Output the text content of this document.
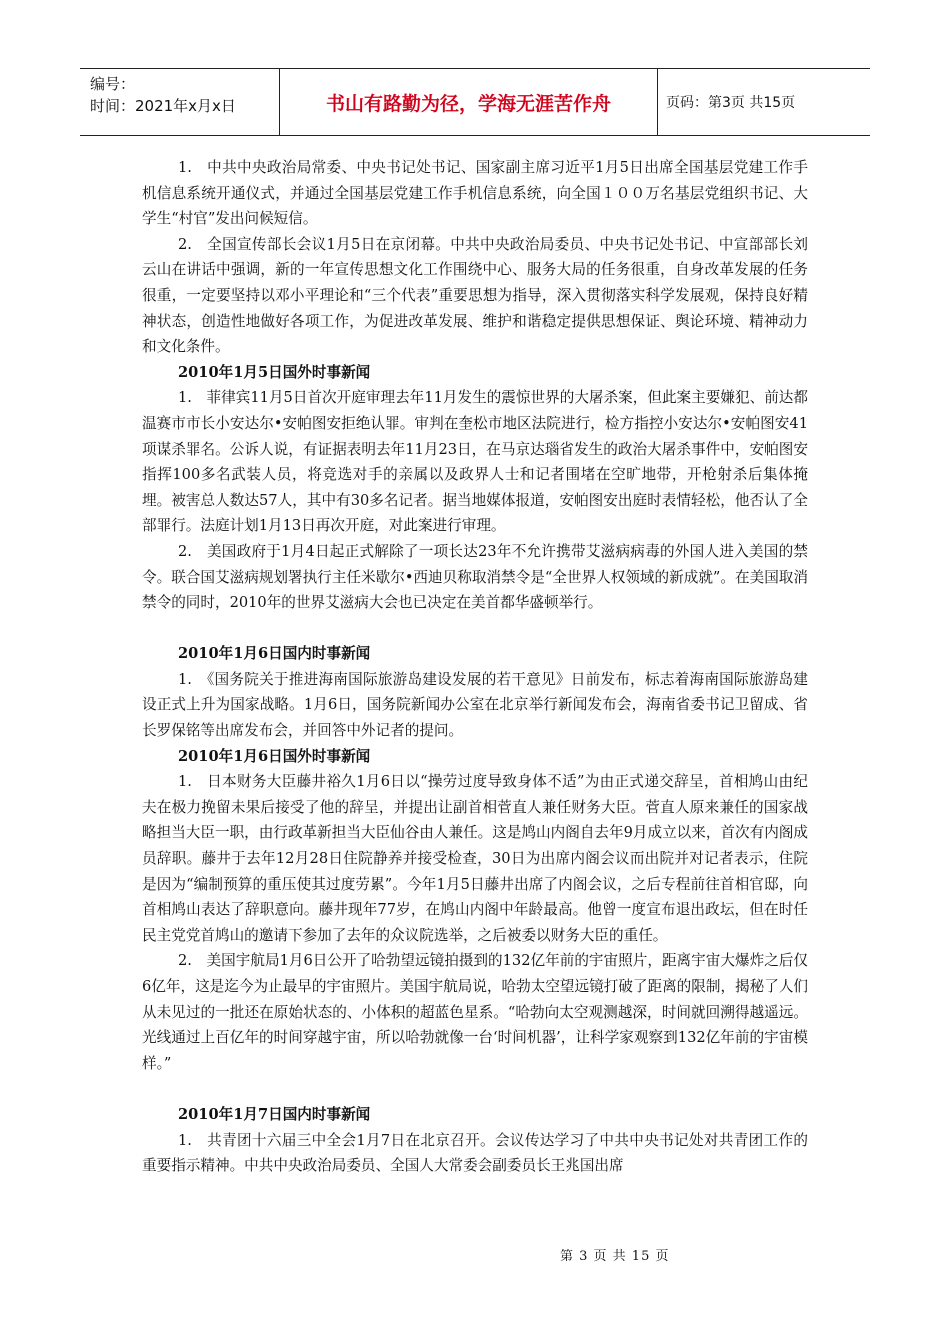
编号：
时间：2021年x月x日	书山有路勤为径，学海无涯苦作舟	页码：第3页 共15页

1.　中共中央政治局常委、中央书记处书记、国家副主席习近平1月5日出席全国基层党建工作手机信息系统开通仪式，并通过全国基层党建工作手机信息系统，向全国１００万名基层党组织书记、大学生“村官”发出问候短信。

2.　全国宣传部长会议1月5日在京闭幕。中共中央政治局委员、中央书记处书记、中宣部部长刘云山在讲话中强调，新的一年宣传思想文化工作围绕中心、服务大局的任务很重，自身改革发展的任务很重，一定要坚持以邓小平理论和“三个代表”重要思想为指导，深入贯彻落实科学发展观，保持良好精神状态，创造性地做好各项工作，为促进改革发展、维护和谐稳定提供思想保证、舆论环境、精神动力和文化条件。

2010年1月5日国外时事新闻

1.　菲律宾11月5日首次开庭审理去年11月发生的震惊世界的大屠杀案，但此案主要嫌犯、前达都温赛市市长小安达尔•安帕图安拒绝认罪。审判在奎松市地区法院进行，检方指控小安达尔•安帕图安41项谋杀罪名。公诉人说，有证据表明去年11月23日，在马京达瑙省发生的政治大屠杀事件中，安帕图安指挥100多名武装人员，将竞选对手的亲属以及政界人士和记者围堵在空旷地带，开枪射杀后集体掩埋。被害总人数达57人，其中有30多名记者。据当地媒体报道，安帕图安出庭时表情轻松，他否认了全部罪行。法庭计划1月13日再次开庭，对此案进行审理。

2.　美国政府于1月4日起正式解除了一项长达23年不允许携带艾滋病病毒的外国人进入美国的禁令。联合国艾滋病规划署执行主任米歇尔•西迪贝称取消禁令是“全世界人权领域的新成就”。在美国取消禁令的同时，2010年的世界艾滋病大会也已决定在美首都华盛顿举行。

2010年1月6日国内时事新闻

1.　《国务院关于推进海南国际旅游岛建设发展的若干意见》日前发布，标志着海南国际旅游岛建设正式上升为国家战略。1月6日，国务院新闻办公室在北京举行新闻发布会，海南省委书记卫留成、省长罗保铭等出席发布会，并回答中外记者的提问。

2010年1月6日国外时事新闻

1.　日本财务大臣藤井裕久1月6日以“操劳过度导致身体不适”为由正式递交辞呈，首相鸠山由纪夫在极力挽留未果后接受了他的辞呈，并提出让副首相菅直人兼任财务大臣。菅直人原来兼任的国家战略担当大臣一职，由行政革新担当大臣仙谷由人兼任。这是鸠山内阁自去年9月成立以来，首次有内阁成员辞职。藤井于去年12月28日住院静养并接受检查，30日为出席内阁会议而出院并对记者表示，住院是因为“编制预算的重压使其过度劳累”。今年1月5日藤井出席了内阁会议，之后专程前往首相官邸，向首相鸠山表达了辞职意向。藤井现年77岁，在鸠山内阁中年龄最高。他曾一度宣布退出政坛，但在时任民主党党首鸠山的邀请下参加了去年的众议院选举，之后被委以财务大臣的重任。

2.　美国宇航局1月6日公开了哈勃望远镜拍摄到的132亿年前的宇宙照片，距离宇宙大爆炸之后仅6亿年，这是迄今为止最早的宇宙照片。美国宇航局说，哈勃太空望远镜打破了距离的限制，揭秘了人们从未见过的一批还在原始状态的、小体积的超蓝色星系。“哈勃向太空观测越深，时间就回溯得越遥远。光线通过上百亿年的时间穿越宇宙，所以哈勃就像一台‘时间机器’，让科学家观察到132亿年前的宇宙模样。”

2010年1月7日国内时事新闻

1.　共青团十六届三中全会1月7日在北京召开。会议传达学习了中共中央书记处对共青团工作的重要指示精神。中共中央政治局委员、全国人大常委会副委员长王兆国出席

第 3 页 共 15 页
